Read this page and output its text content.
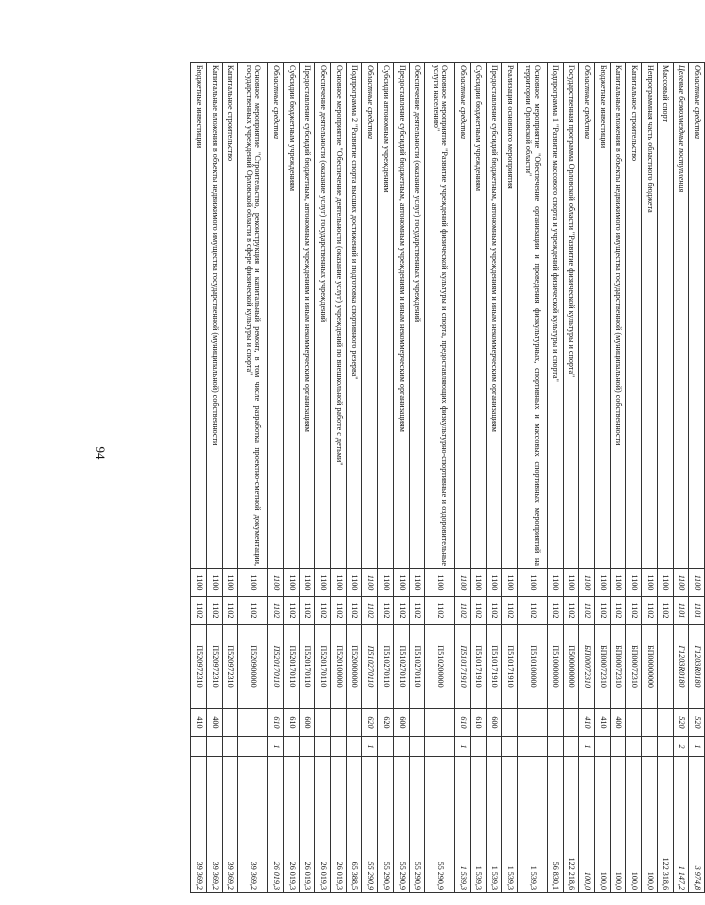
94
Областные средства	1100	1101	Г1203R0180	520	1	3 974,8
Целевые безвозмездные поступления	1100	1101	Г1203R0180	520	2	1 147,2
Массовый спорт	1100	1102				122 318,6
Непрограммная часть областного бюджета	1100	1102	БП00000000			100,0
Капитальное строительство	1100	1102	БП00072310			100,0
Капитальные вложения в объекты недвижимого имущества государственной (муниципальной) собственности	1100	1102	БП00072310	400		100,0
Бюджетные инвестиции	1100	1102	БП00072310	410		100,0
Областные средства	1100	1102	БП00072310	410	1	100,0
Государственная программа Орловской области "Развитие физической культуры и спорта"	1100	1102	П500000000			122 218,6
Подпрограмма 1 "Развитие массового спорта и учреждений физической культуры и спорта"	1100	1102	П510000000			56 830,1
Основное мероприятие "Обеспечение организации и проведения физкультурных, спортивных и массовых спортивных мероприятий на территории Орловской области"	1100	1102	П510100000			1 539,3
Реализация основного мероприятия	1100	1102	П510171910			1 539,3
Предоставление субсидий бюджетным, автономным учреждениям и иным некоммерческим организациям	1100	1102	П510171910	600		1 539,3
Субсидии бюджетным учреждениям	1100	1102	П510171910	610		1 539,3
Областные средства	1100	1102	П510171910	610	1	1 539,3
Основное мероприятие "Развитие учреждений физической культуры и спорта, предоставляющих физкультурно-спортивные и оздоровительные услуги населению"	1100	1102	П510200000			55 290,9
Обеспечение деятельности (оказание услуг) государственных учреждений	1100	1102	П510270110			55 290,9
Предоставление субсидий бюджетным, автономным учреждениям и иным некоммерческим организациям	1100	1102	П510270110	600		55 290,9
Субсидии автономным учреждениям	1100	1102	П510270110	620		55 290,9
Областные средства	1100	1102	П510270110	620	1	55 290,9
Подпрограмма 2 "Развитие спорта высших достижений и подготовка спортивного резерва"	1100	1102	П520000000			65 388,5
Основное мероприятие "Обеспечение деятельности (оказание услуг) учреждений по внешкольной работе с детьми"	1100	1102	П520100000			26 019,3
Обеспечение деятельности (оказание услуг) государственных учреждений	1100	1102	П520170110			26 019,3
Предоставление субсидий бюджетным, автономным учреждениям и иным некоммерческим организациям	1100	1102	П520170110	600		26 019,3
Субсидии бюджетным учреждениям	1100	1102	П520170110	610		26 019,3
Областные средства	1100	1102	П520170110	610	1	26 019,3
Основное мероприятие "Строительство, реконструкция и капитальный ремонт, в том числе разработка проектно-сметной документации, государственных учреждений Орловской области в сфере физической культуры и спорта"	1100	1102	П520900000			39 369,2
Капитальное строительство	1100	1102	П520972310			39 369,2
Капитальные вложения в объекты недвижимого имущества государственной (муниципальной) собственности	1100	1102	П520972310	400		39 369,2
Бюджетные инвестиции	1100	1102	П520972310	410		39 369,2
